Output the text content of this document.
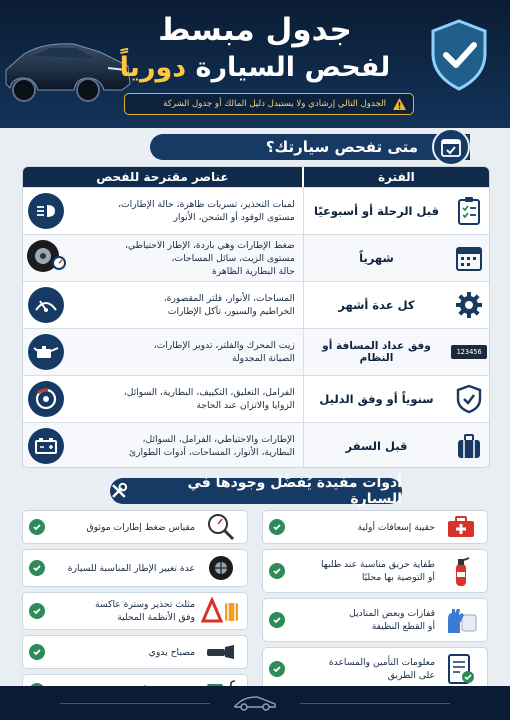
جدول مبسط
لفحص السيارة دورياً
الجدول التالي إرشادي ولا يستبدل دليل المالك أو جدول الشركة
متى تفحص سيارتك؟
الفترة
عناصر مقترحة للفحص
قبل الرحلة أو أسبوعيًا
لمبات التحذير، تسربات ظاهرة، حالة الإطارات،
مستوى الوقود أو الشحن، الأنوار
شهرياً
ضغط الإطارات وهي باردة، الإطار الاحتياطي،
مستوى الزيت، سائل المساحات،
حالة البطارية الظاهرة
كل عدة أشهر
المساحات، الأنوار، فلتر المقصورة،
الخراطيم والسيور، تآكل الإطارات
123456
وفق عداد المسافة أو النظام
زيت المحرك والفلتر، تدوير الإطارات،
الصيانة المجدولة
سنوياً أو وفق الدليل
الفرامل، التعليق، التكييف، البطارية، السوائل،
الزوايا والاتزان عند الحاجة
قبل السفر
الإطارات والاحتياطي، الفرامل، السوائل،
البطارية، الأنوار، المساحات، أدوات الطوارئ
أدوات مفيدة يُفضَّل وجودها في السيارة
حقيبة إسعافات أولية
طفاية حريق مناسبة عند طلبها
أو التوصية بها محليًا
قفازات وبعض المناديل
أو القطع النظيفة
معلومات التأمين والمساعدة
على الطريق
مقياس ضغط إطارات موثوق
عدة تغيير الإطار المناسبة للسيارة
مثلث تحذير وسترة عاكسة
وفق الأنظمة المحلية
مصباح يدوي
